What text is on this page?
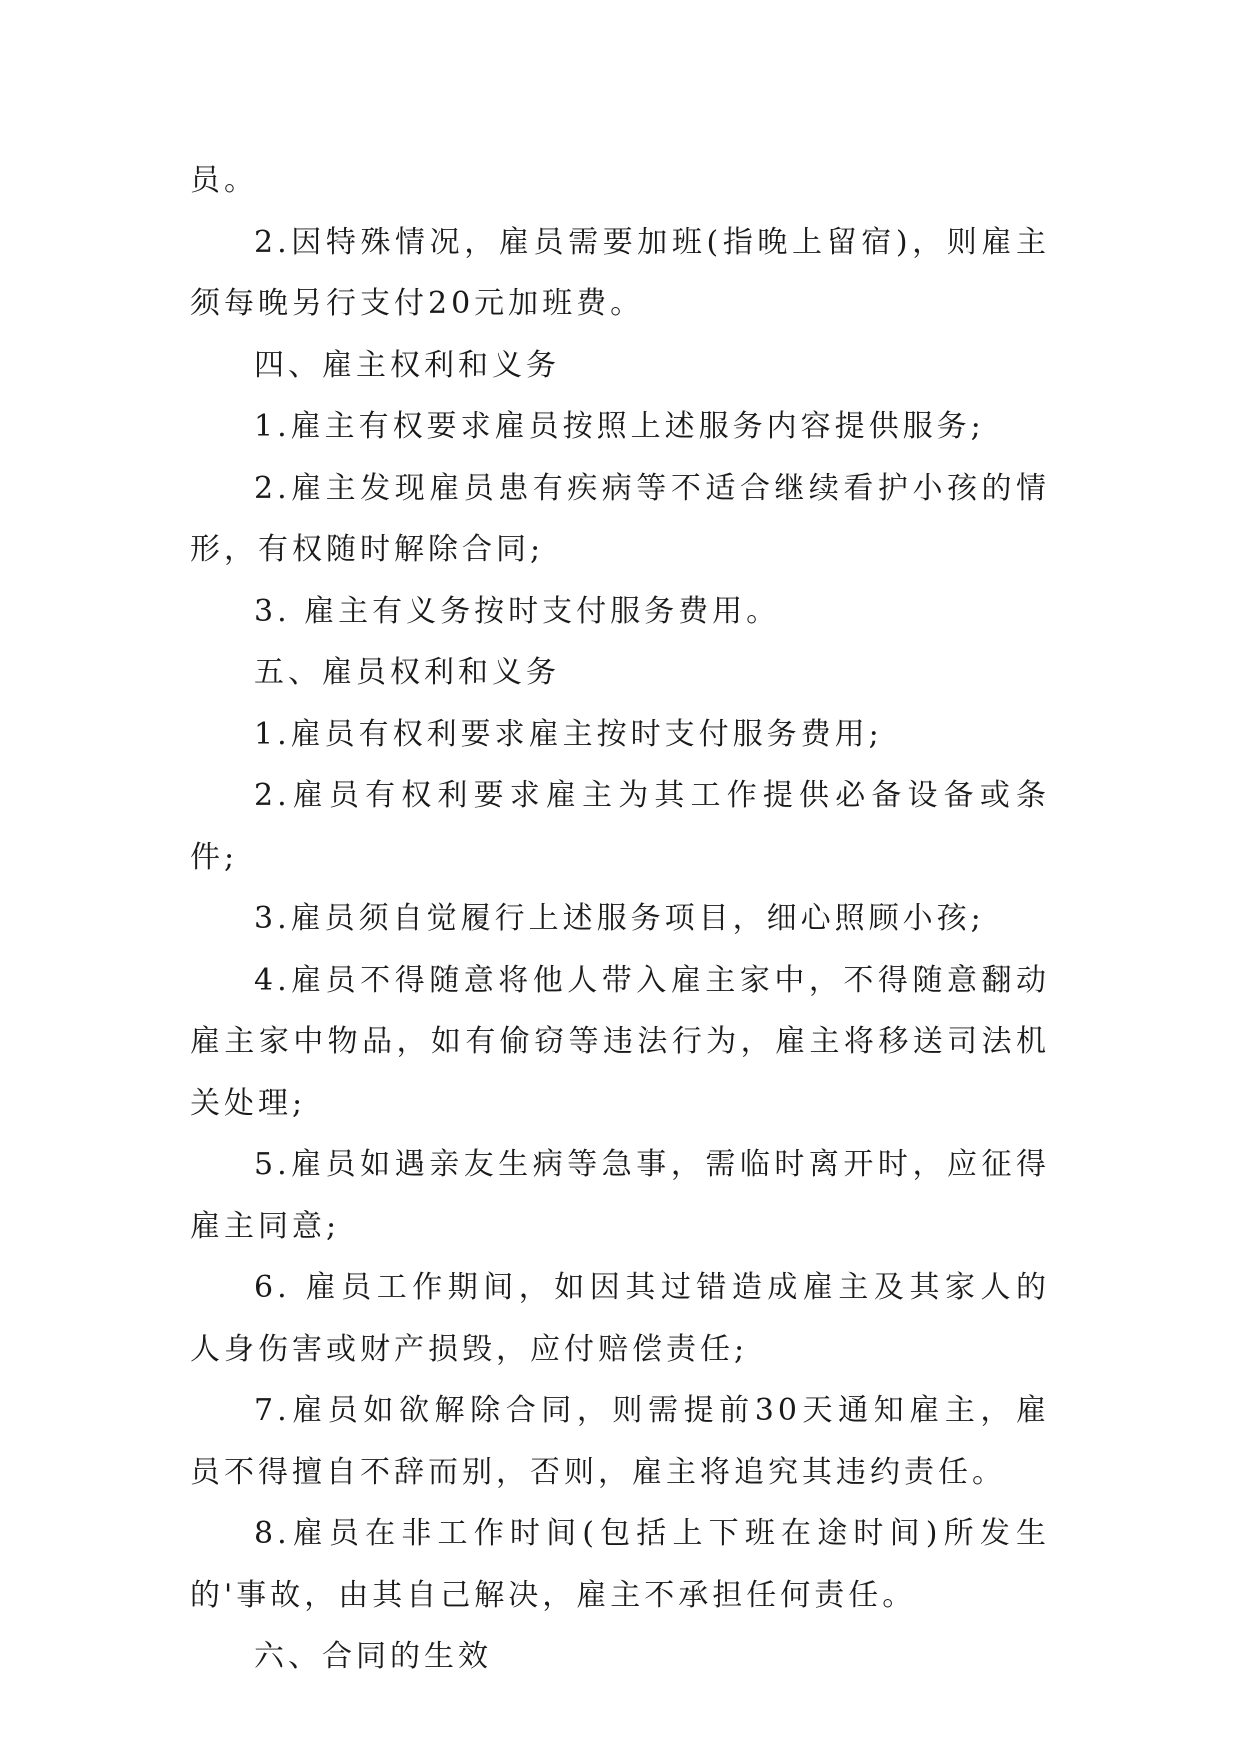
员。

2.因特殊情况，雇员需要加班(指晚上留宿)，则雇主须每晚另行支付20元加班费。

四、雇主权利和义务

1.雇主有权要求雇员按照上述服务内容提供服务;

2.雇主发现雇员患有疾病等不适合继续看护小孩的情形，有权随时解除合同;

3. 雇主有义务按时支付服务费用。

五、雇员权利和义务

1.雇员有权利要求雇主按时支付服务费用;

2.雇员有权利要求雇主为其工作提供必备设备或条件;

3.雇员须自觉履行上述服务项目，细心照顾小孩;

4.雇员不得随意将他人带入雇主家中，不得随意翻动雇主家中物品，如有偷窃等违法行为，雇主将移送司法机关处理;

5.雇员如遇亲友生病等急事，需临时离开时，应征得雇主同意;

6. 雇员工作期间，如因其过错造成雇主及其家人的人身伤害或财产损毁，应付赔偿责任;

7.雇员如欲解除合同，则需提前30天通知雇主，雇员不得擅自不辞而别，否则，雇主将追究其违约责任。

8.雇员在非工作时间(包括上下班在途时间)所发生的'事故，由其自己解决，雇主不承担任何责任。

六、合同的生效
